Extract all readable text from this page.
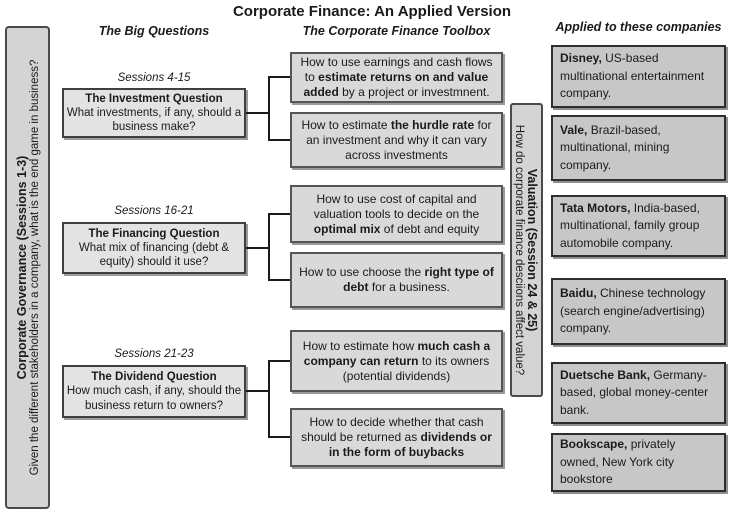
Corporate Finance: An Applied Version
The Big Questions	The Corporate Finance Toolbox	Applied to these companies
Corporate Governance (Sessions 1-3) Given the different stakeholders in a company, what is the end game in business?	Sessions 4-15
The Investment Question
What investments, if any, should a business make?
Sessions 16-21
The Financing Question
What mix of financing (debt & equity) should it use?
Sessions 21-23
The Dividend Question
How much cash, if any, should the business return to owners?

How to use earnings and cash flows to estimate returns on and value added by a project or investmnent.

How to estimate the hurdle rate for an investment and why it can vary across investments

How to use cost of capital and valuation tools to decide on the optimal mix of debt and equity

How to use choose the right type of debt for a business.

How to estimate how much cash a company can return to its owners (potential dividends)

How to decide whether that cash should be returned as dividends or in the form of buybacks

Valuation (Session 24 & 25)
How do corporate finance desciions affect value?

Disney, US-based multinational entertainment company.

Vale, Brazil-based, multinational, mining company.

Tata Motors, India-based, multinational, family group automobile company.

Baidu, Chinese technology (search engine/advertising) company.

Duetsche Bank, Germany-based, global money-center bank.

Bookscape, privately owned, New York city bookstore
